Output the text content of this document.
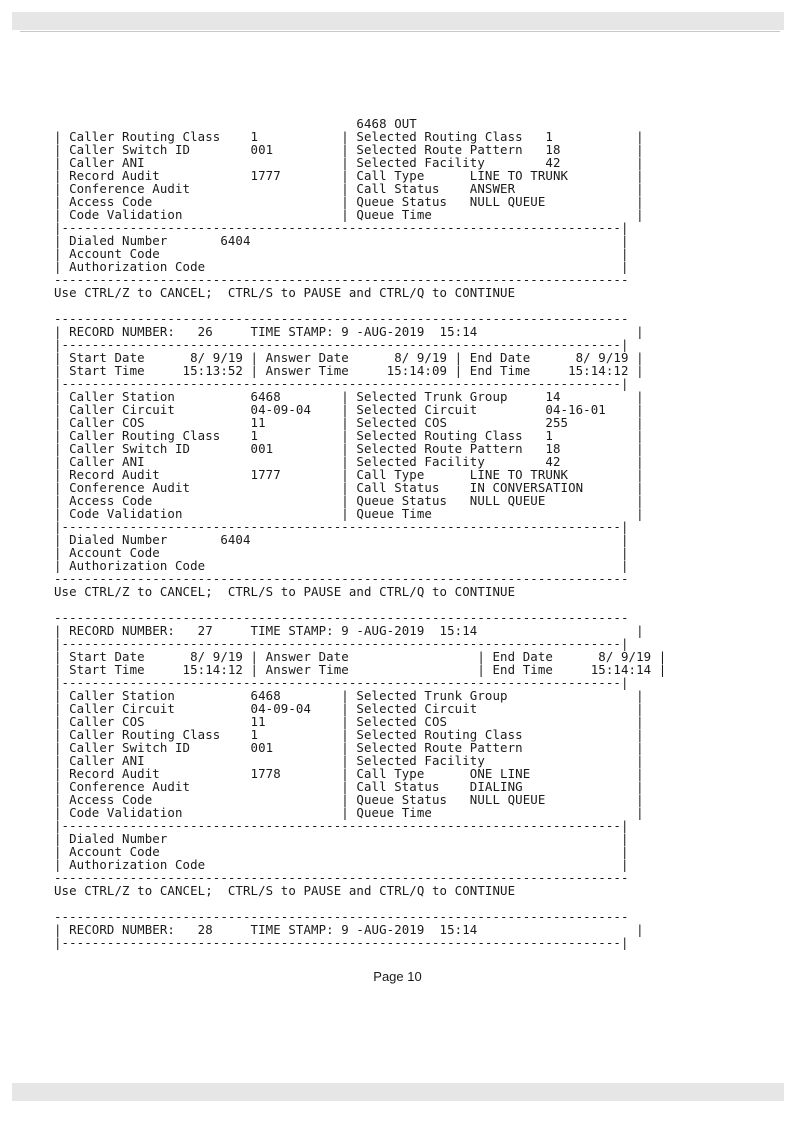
6468 OUT
| Caller Routing Class    1           | Selected Routing Class   1           |
| Caller Switch ID        001         | Selected Route Pattern   18          |
| Caller ANI                          | Selected Facility        42          |
| Record Audit            1777        | Call Type      LINE TO TRUNK         |
| Conference Audit                    | Call Status    ANSWER                |
| Access Code                         | Queue Status   NULL QUEUE            |
| Code Validation                     | Queue Time                           |
|--------------------------------------------------------------------------|
| Dialed Number       6404                                                 |
| Account Code                                                             |
| Authorization Code                                                       |
----------------------------------------------------------------------------
Use CTRL/Z to CANCEL;  CTRL/S to PAUSE and CTRL/Q to CONTINUE

----------------------------------------------------------------------------
| RECORD NUMBER:   26     TIME STAMP: 9 -AUG-2019  15:14                     |
|--------------------------------------------------------------------------|
| Start Date      8/ 9/19 | Answer Date      8/ 9/19 | End Date      8/ 9/19 |
| Start Time     15:13:52 | Answer Time     15:14:09 | End Time     15:14:12 |
|--------------------------------------------------------------------------|
| Caller Station          6468        | Selected Trunk Group     14          |
| Caller Circuit          04-09-04    | Selected Circuit         04-16-01    |
| Caller COS              11          | Selected COS             255         |
| Caller Routing Class    1           | Selected Routing Class   1           |
| Caller Switch ID        001         | Selected Route Pattern   18          |
| Caller ANI                          | Selected Facility        42          |
| Record Audit            1777        | Call Type      LINE TO TRUNK         |
| Conference Audit                    | Call Status    IN CONVERSATION       |
| Access Code                         | Queue Status   NULL QUEUE            |
| Code Validation                     | Queue Time                           |
|--------------------------------------------------------------------------|
| Dialed Number       6404                                                 |
| Account Code                                                             |
| Authorization Code                                                       |
----------------------------------------------------------------------------
Use CTRL/Z to CANCEL;  CTRL/S to PAUSE and CTRL/Q to CONTINUE

----------------------------------------------------------------------------
| RECORD NUMBER:   27     TIME STAMP: 9 -AUG-2019  15:14                     |
|--------------------------------------------------------------------------|
| Start Date      8/ 9/19 | Answer Date                 | End Date      8/ 9/19 |
| Start Time     15:14:12 | Answer Time                 | End Time     15:14:14 |
|--------------------------------------------------------------------------|
| Caller Station          6468        | Selected Trunk Group                 |
| Caller Circuit          04-09-04    | Selected Circuit                     |
| Caller COS              11          | Selected COS                         |
| Caller Routing Class    1           | Selected Routing Class               |
| Caller Switch ID        001         | Selected Route Pattern               |
| Caller ANI                          | Selected Facility                    |
| Record Audit            1778        | Call Type      ONE LINE              |
| Conference Audit                    | Call Status    DIALING               |
| Access Code                         | Queue Status   NULL QUEUE            |
| Code Validation                     | Queue Time                           |
|--------------------------------------------------------------------------|
| Dialed Number                                                            |
| Account Code                                                             |
| Authorization Code                                                       |
----------------------------------------------------------------------------
Use CTRL/Z to CANCEL;  CTRL/S to PAUSE and CTRL/Q to CONTINUE

----------------------------------------------------------------------------
| RECORD NUMBER:   28     TIME STAMP: 9 -AUG-2019  15:14                     |
|--------------------------------------------------------------------------|
Page 10
